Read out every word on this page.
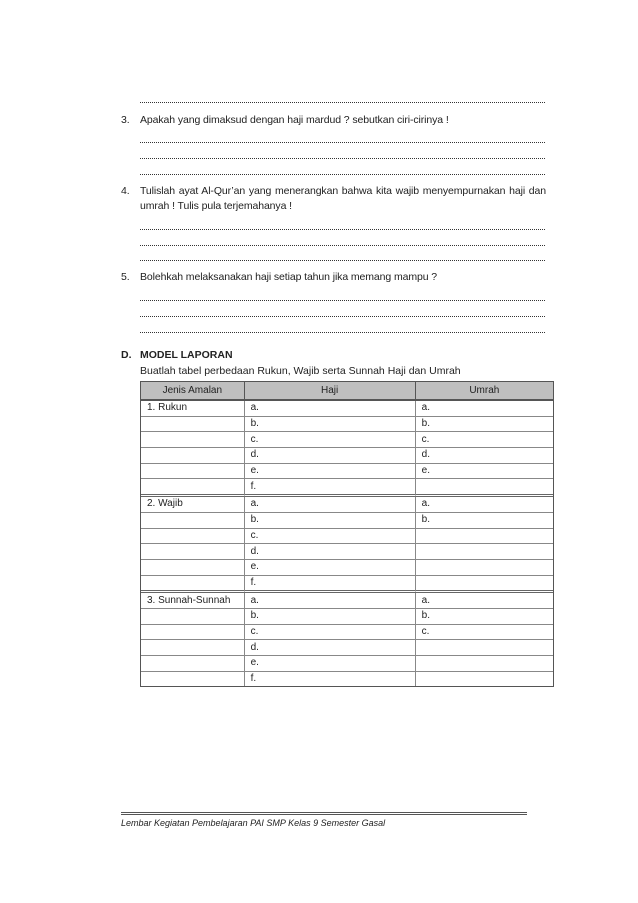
3. Apakah yang dimaksud dengan haji mardud ? sebutkan ciri-cirinya !
4. Tulislah ayat Al-Qur’an yang menerangkan bahwa kita wajib menyempurnakan haji dan umrah ! Tulis pula terjemahanya !
5. Bolehkah melaksanakan haji setiap tahun jika memang mampu ?
D. MODEL LAPORAN
Buatlah tabel perbedaan Rukun, Wajib serta Sunnah Haji dan Umrah
Jenis Amalan	Haji	Umrah
1. Rukun	a.	a.
	b.	b.
	c.	c.
	d.	d.
	e.	e.
	f.	
2. Wajib	a.	a.
	b.	b.
	c.	
	d.	
	e.	
	f.	
3. Sunnah-Sunnah	a.	a.
	b.	b.
	c.	c.
	d.	
	e.	
	f.	
Lembar Kegiatan Pembelajaran PAI SMP Kelas 9 Semester Gasal
